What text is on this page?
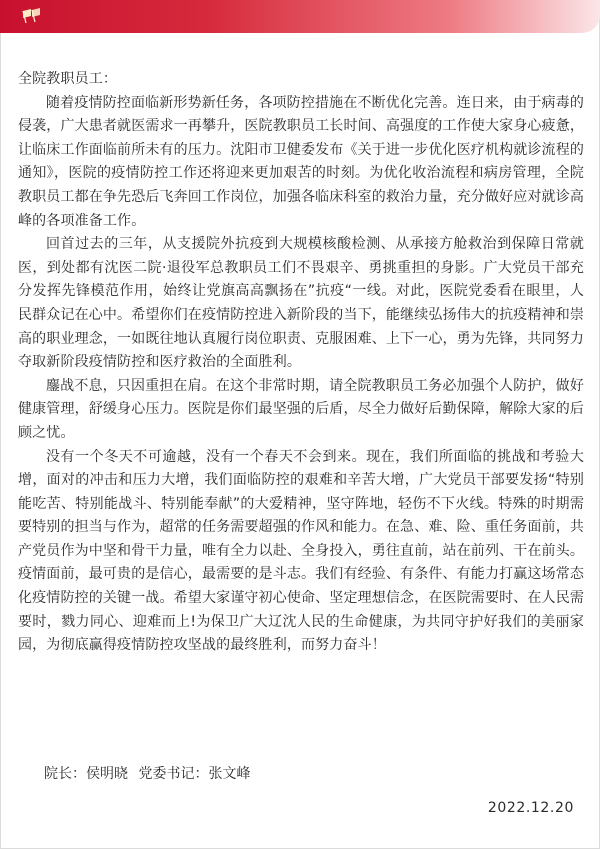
全院教职员工：

随着疫情防控面临新形势新任务，各项防控措施在不断优化完善。连日来，由于病毒的侵袭，广大患者就医需求一再攀升，医院教职员工长时间、高强度的工作使大家身心疲惫，让临床工作面临前所未有的压力。沈阳市卫健委发布《关于进一步优化医疗机构就诊流程的通知》，医院的疫情防控工作还将迎来更加艰苦的时刻。为优化收治流程和病房管理，全院教职员工都在争先恐后飞奔回工作岗位，加强各临床科室的救治力量，充分做好应对就诊高峰的各项准备工作。

回首过去的三年，从支援院外抗疫到大规模核酸检测、从承接方舱救治到保障日常就医，到处都有沈医二院·退役军总教职员工们不畏艰辛、勇挑重担的身影。广大党员干部充分发挥先锋模范作用，始终让党旗高高飘扬在”抗疫“一线。对此，医院党委看在眼里，人民群众记在心中。希望你们在疫情防控进入新阶段的当下，能继续弘扬伟大的抗疫精神和崇高的职业理念，一如既往地认真履行岗位职责、克服困难、上下一心，勇为先锋，共同努力夺取新阶段疫情防控和医疗救治的全面胜利。

鏖战不息，只因重担在肩。在这个非常时期，请全院教职员工务必加强个人防护，做好健康管理，舒缓身心压力。医院是你们最坚强的后盾，尽全力做好后勤保障，解除大家的后顾之忧。

没有一个冬天不可逾越，没有一个春天不会到来。现在，我们所面临的挑战和考验大增，面对的冲击和压力大增，我们面临防控的艰难和辛苦大增，广大党员干部要发扬“特别能吃苦、特别能战斗、特别能奉献”的大爱精神，坚守阵地，轻伤不下火线。特殊的时期需要特别的担当与作为，超常的任务需要超强的作风和能力。在急、难、险、重任务面前，共产党员作为中坚和骨干力量，唯有全力以赴、全身投入，勇往直前，站在前列、干在前头。疫情面前，最可贵的是信心，最需要的是斗志。我们有经验、有条件、有能力打赢这场常态化疫情防控的关键一战。希望大家谨守初心使命、坚定理想信念，在医院需要时、在人民需要时，戮力同心、迎难而上!为保卫广大辽沈人民的生命健康，为共同守护好我们的美丽家园，为彻底赢得疫情防控攻坚战的最终胜利，而努力奋斗！

院长：侯明晓 党委书记：张文峰
2022.12.20
